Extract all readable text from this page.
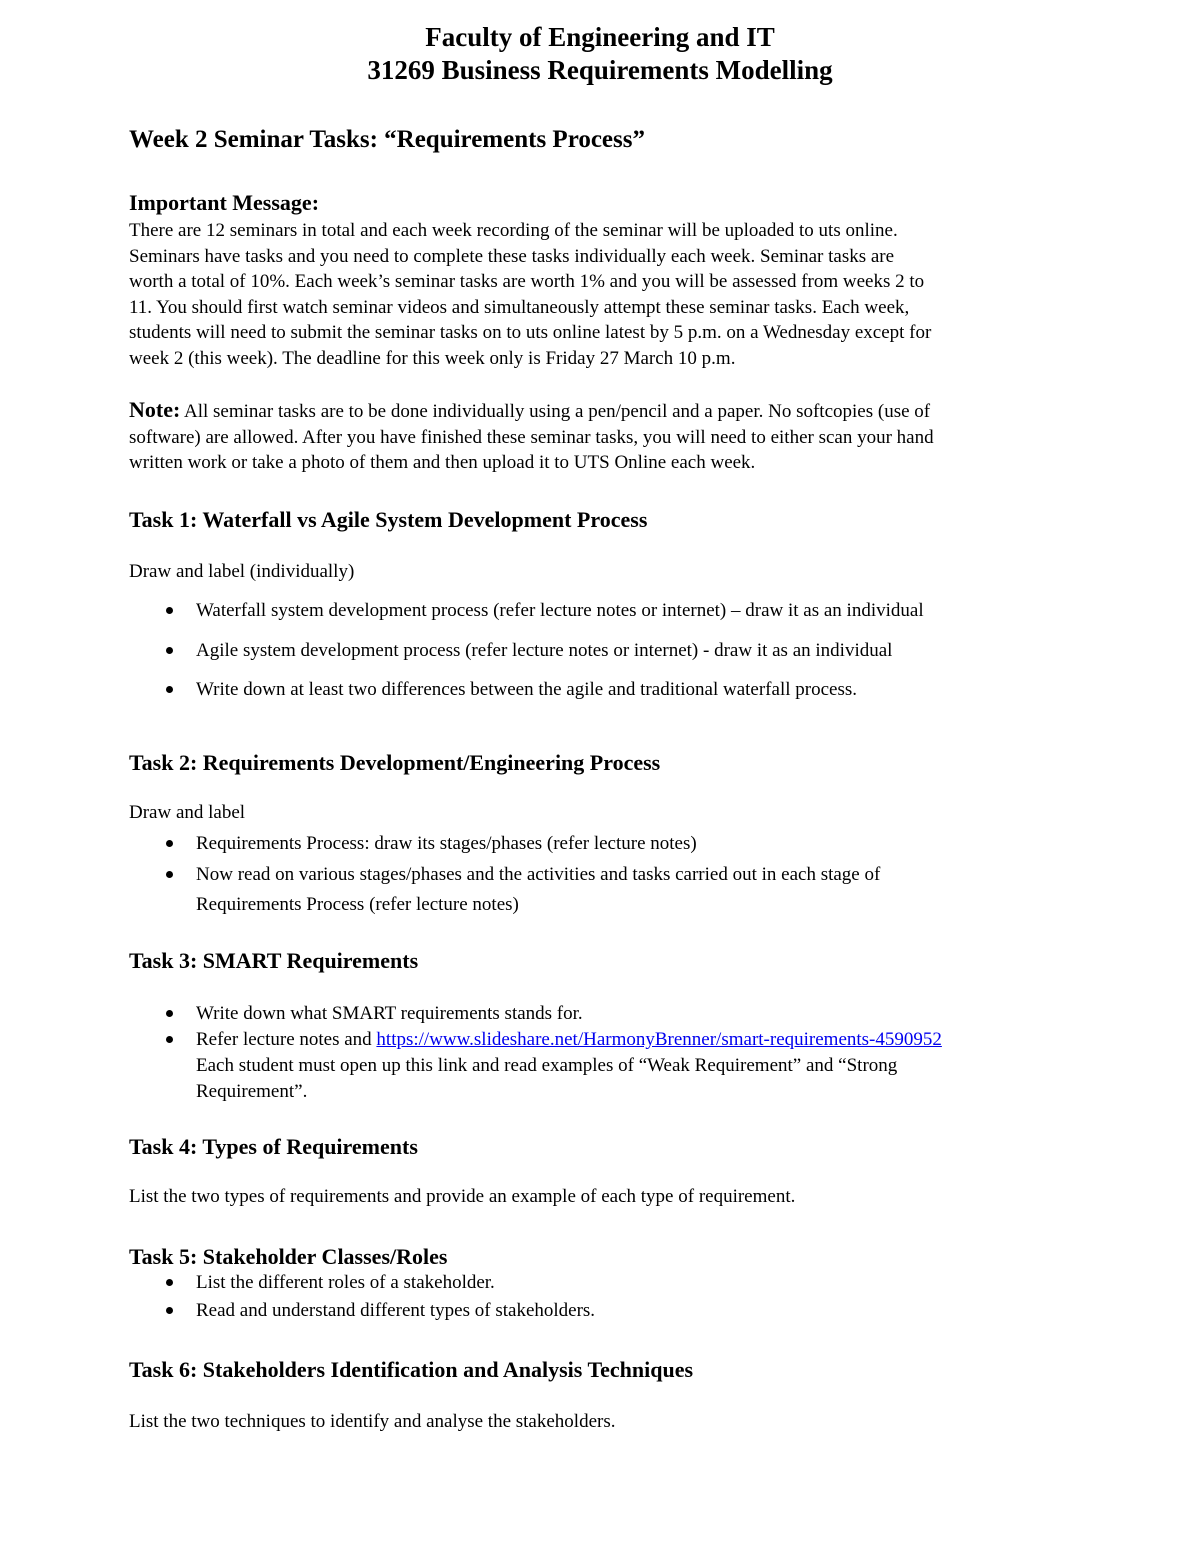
Faculty of Engineering and IT
31269 Business Requirements Modelling
Week 2 Seminar Tasks: “Requirements Process”
Important Message:
There are 12 seminars in total and each week recording of the seminar will be uploaded to uts online.
Seminars have tasks and you need to complete these tasks individually each week. Seminar tasks are
worth a total of 10%. Each week’s seminar tasks are worth 1% and you will be assessed from weeks 2 to
11. You should first watch seminar videos and simultaneously attempt these seminar tasks. Each week,
students will need to submit the seminar tasks on to uts online latest by 5 p.m. on a Wednesday except for
week 2 (this week). The deadline for this week only is Friday 27 March 10 p.m.
Note: All seminar tasks are to be done individually using a pen/pencil and a paper. No softcopies (use of
software) are allowed. After you have finished these seminar tasks, you will need to either scan your hand
written work or take a photo of them and then upload it to UTS Online each week.
Task 1: Waterfall vs Agile System Development Process
Draw and label (individually)
Waterfall system development process (refer lecture notes or internet) – draw it as an individual
Agile system development process (refer lecture notes or internet) - draw it as an individual
Write down at least two differences between the agile and traditional waterfall process.
Task 2: Requirements Development/Engineering Process
Draw and label
Requirements Process: draw its stages/phases (refer lecture notes)
Now read on various stages/phases and the activities and tasks carried out in each stage of
Requirements Process (refer lecture notes)
Task 3: SMART Requirements
Write down what SMART requirements stands for.
Refer lecture notes and https://www.slideshare.net/HarmonyBrenner/smart-requirements-4590952
Each student must open up this link and read examples of “Weak Requirement” and “Strong
Requirement”.
Task 4: Types of Requirements
List the two types of requirements and provide an example of each type of requirement.
Task 5: Stakeholder Classes/Roles
List the different roles of a stakeholder.
Read and understand different types of stakeholders.
Task 6: Stakeholders Identification and Analysis Techniques
List the two techniques to identify and analyse the stakeholders.
